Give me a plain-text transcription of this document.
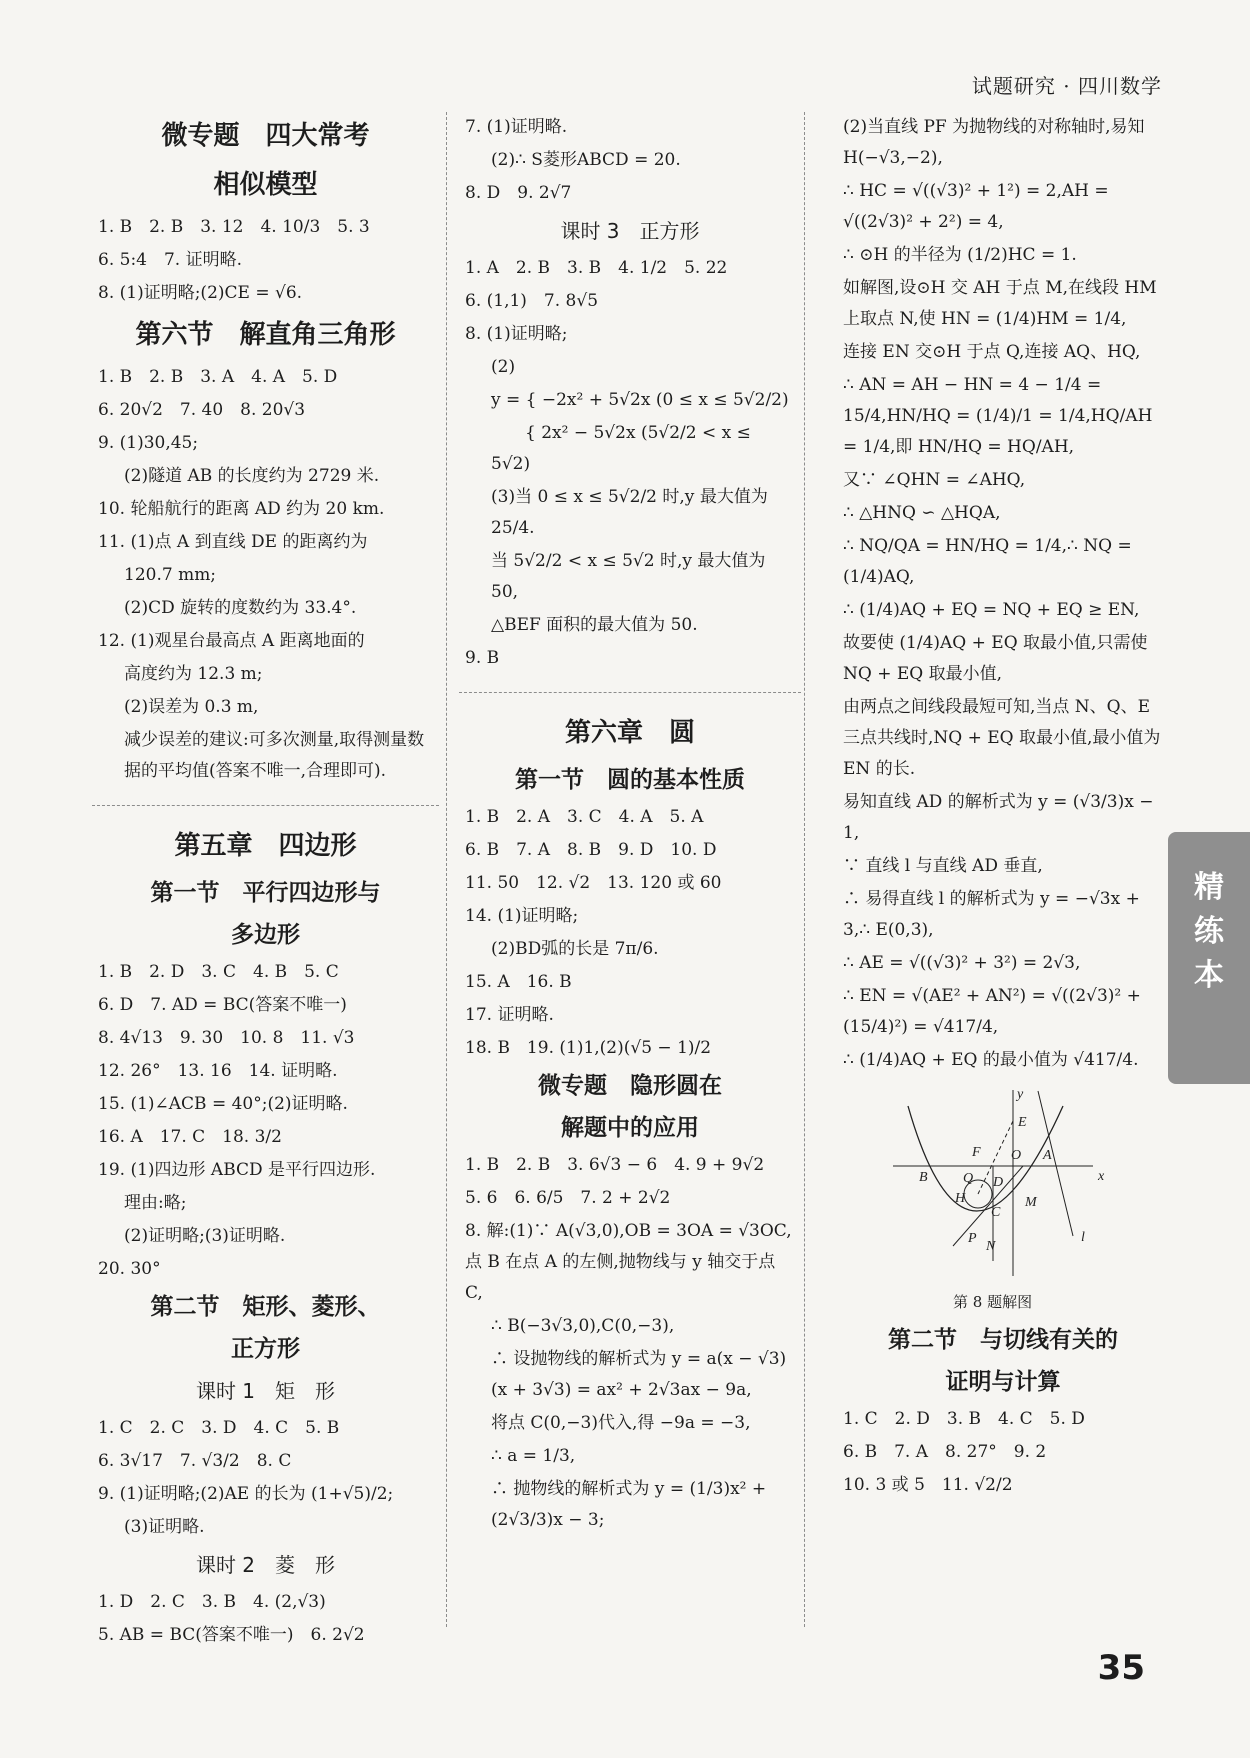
试题研究 · 四川数学
微专题　四大常考
相似模型
1. B　2. B　3. 12　4. 10/3　5. 3
6. 5:4　7. 证明略.
8. (1)证明略;(2)CE = √6.
第六节　解直角三角形
1. B　2. B　3. A　4. A　5. D
6. 20√2　7. 40　8. 20√3
9. (1)30,45;
(2)隧道 AB 的长度约为 2729 米.
10. 轮船航行的距离 AD 约为 20 km.
11. (1)点 A 到直线 DE 的距离约为
120.7 mm;
(2)CD 旋转的度数约为 33.4°.
12. (1)观星台最高点 A 距离地面的
高度约为 12.3 m;
(2)误差为 0.3 m,
减少误差的建议:可多次测量,取得测量数据的平均值(答案不唯一,合理即可).
第五章　四边形
第一节　平行四边形与
多边形
1. B　2. D　3. C　4. B　5. C
6. D　7. AD = BC(答案不唯一)
8. 4√13　9. 30　10. 8　11. √3
12. 26°　13. 16　14. 证明略.
15. (1)∠ACB = 40°;(2)证明略.
16. A　17. C　18. 3/2
19. (1)四边形 ABCD 是平行四边形.
理由:略;
(2)证明略;(3)证明略.
20. 30°
第二节　矩形、菱形、
正方形
课时 1　矩　形
1. C　2. C　3. D　4. C　5. B
6. 3√17　7. √3/2　8. C
9. (1)证明略;(2)AE 的长为 (1+√5)/2;
(3)证明略.
课时 2　菱　形
1. D　2. C　3. B　4. (2,√3)
5. AB = BC(答案不唯一)　6. 2√2
7. (1)证明略.
(2)∴ S菱形ABCD = 20.
8. D　9. 2√7
课时 3　正方形
1. A　2. B　3. B　4. 1/2　5. 22
6. (1,1)　7. 8√5
8. (1)证明略;
(2)
y = { −2x² + 5√2x (0 ≤ x ≤ 5√2/2)
　　{ 2x² − 5√2x (5√2/2 < x ≤ 5√2)
(3)当 0 ≤ x ≤ 5√2/2 时,y 最大值为 25/4.
当 5√2/2 < x ≤ 5√2 时,y 最大值为 50,
△BEF 面积的最大值为 50.
9. B
第六章　圆
第一节　圆的基本性质
1. B　2. A　3. C　4. A　5. A
6. B　7. A　8. B　9. D　10. D
11. 50　12. √2　13. 120 或 60
14. (1)证明略;
(2)BD弧的长是 7π/6.
15. A　16. B
17. 证明略.
18. B　19. (1)1,(2)(√5 − 1)/2
微专题　隐形圆在
解题中的应用
1. B　2. B　3. 6√3 − 6　4. 9 + 9√2
5. 6　6. 6/5　7. 2 + 2√2
8. 解:(1)∵ A(√3,0),OB = 3OA = √3OC,点 B 在点 A 的左侧,抛物线与 y 轴交于点 C,
∴ B(−3√3,0),C(0,−3),
∴ 设抛物线的解析式为 y = a(x − √3)(x + 3√3) = ax² + 2√3ax − 9a,
将点 C(0,−3)代入,得 −9a = −3,
∴ a = 1/3,
∴ 抛物线的解析式为 y = (1/3)x² + (2√3/3)x − 3;
(2)当直线 PF 为抛物线的对称轴时,易知 H(−√3,−2),
∴ HC = √((√3)² + 1²) = 2,AH = √((2√3)² + 2²) = 4,
∴ ⊙H 的半径为 (1/2)HC = 1.
如解图,设⊙H 交 AH 于点 M,在线段 HM 上取点 N,使 HN = (1/4)HM = 1/4,
连接 EN 交⊙H 于点 Q,连接 AQ、HQ,
∴ AN = AH − HN = 4 − 1/4 = 15/4,HN/HQ = (1/4)/1 = 1/4,HQ/AH = 1/4,即 HN/HQ = HQ/AH,
又∵ ∠QHN = ∠AHQ,
∴ △HNQ ∽ △HQA,
∴ NQ/QA = HN/HQ = 1/4,∴ NQ = (1/4)AQ,
∴ (1/4)AQ + EQ = NQ + EQ ≥ EN,
故要使 (1/4)AQ + EQ 取最小值,只需使 NQ + EQ 取最小值,
由两点之间线段最短可知,当点 N、Q、E 三点共线时,NQ + EQ 取最小值,最小值为 EN 的长.
易知直线 AD 的解析式为 y = (√3/3)x − 1,
∵ 直线 l 与直线 AD 垂直,
∴ 易得直线 l 的解析式为 y = −√3x + 3,∴ E(0,3),
∴ AE = √((√3)² + 3²) = 2√3,
∴ EN = √(AE² + AN²) = √((2√3)² + (15/4)²) = √417/4,
∴ (1/4)AQ + EQ 的最小值为 √417/4.
y
x
E
F O A
B	Q D
H
C
M
P
N
l
第 8 题解图
第二节　与切线有关的
证明与计算
1. C　2. D　3. B　4. C　5. D
6. B　7. A　8. 27°　9. 2
10. 3 或 5　11. √2/2
精
练
本
35
